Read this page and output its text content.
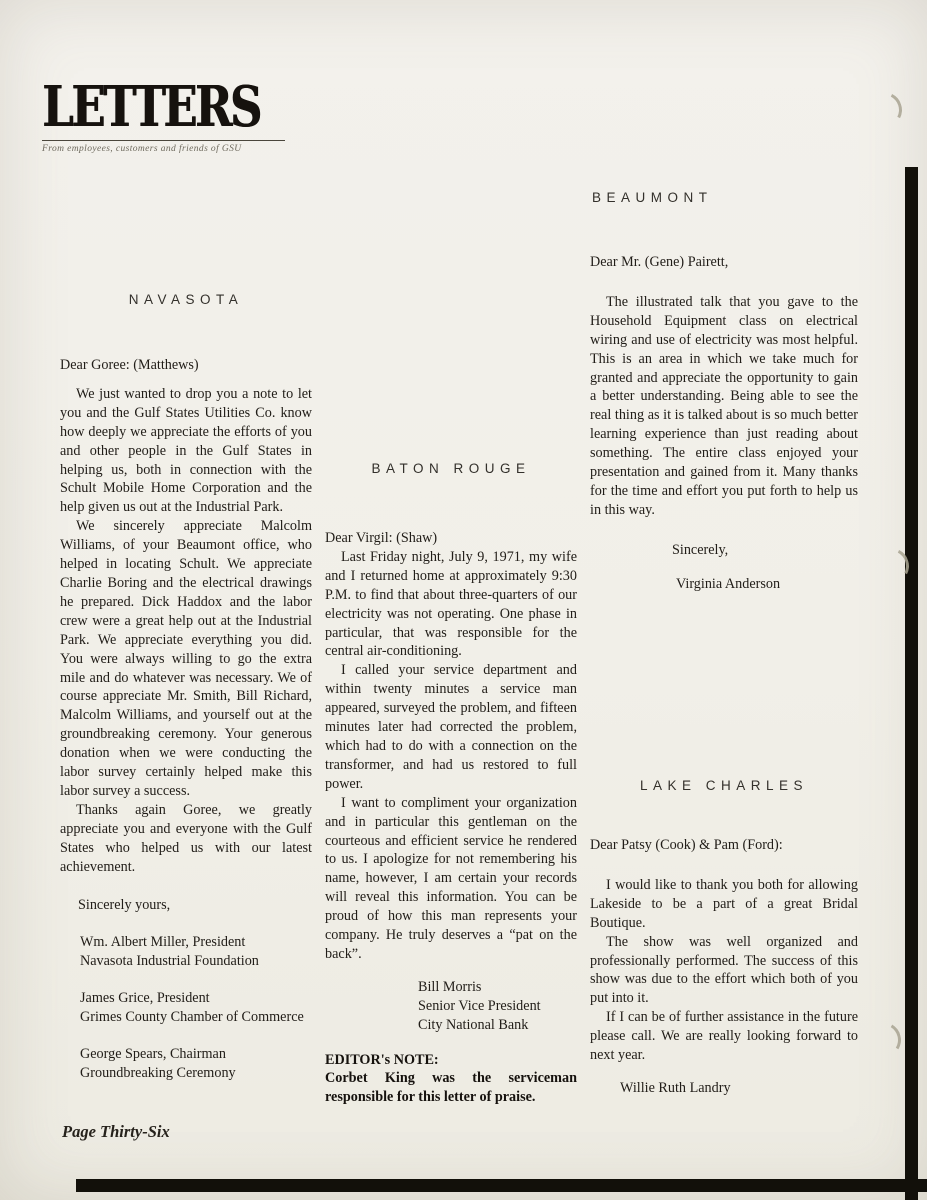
LETTERS
From employees, customers and friends of GSU
NAVASOTA
BATON ROUGE
BEAUMONT
LAKE CHARLES
Dear Goree: (Matthews)

We just wanted to drop you a note to let you and the Gulf States Utilities Co. know how deeply we appreciate the efforts of you and other people in the Gulf States in helping us, both in connection with the Schult Mobile Home Corporation and the help given us out at the Industrial Park.

We sincerely appreciate Malcolm Williams, of your Beaumont office, who helped in locating Schult. We appreciate Charlie Boring and the electrical drawings he prepared. Dick Haddox and the labor crew were a great help out at the Industrial Park. We appreciate everything you did. You were always willing to go the extra mile and do whatever was necessary. We of course appreciate Mr. Smith, Bill Richard, Malcolm Williams, and yourself out at the groundbreaking ceremony. Your generous donation when we were conducting the labor survey certainly helped make this labor survey a success.

Thanks again Goree, we greatly appreciate you and everyone with the Gulf States who helped us with our latest achievement.

Sincerely yours,
Wm. Albert Miller, President
Navasota Industrial Foundation
James Grice, President
Grimes County Chamber of Commerce
George Spears, Chairman
Groundbreaking Ceremony
Dear Virgil: (Shaw)

Last Friday night, July 9, 1971, my wife and I returned home at approximately 9:30 P.M. to find that about three-quarters of our electricity was not operating. One phase in particular, that was responsible for the central air-conditioning.

I called your service department and within twenty minutes a service man appeared, surveyed the problem, and fifteen minutes later had corrected the problem, which had to do with a connection on the transformer, and had us restored to full power.

I want to compliment your organization and in particular this gentleman on the courteous and efficient service he rendered to us. I apologize for not remembering his name, however, I am certain your records will reveal this information. You can be proud of how this man represents your company. He truly deserves a “pat on the back”.

Bill Morris
Senior Vice President
City National Bank
EDITOR's NOTE:
Corbet King was the serviceman responsible for this letter of praise.
Dear Mr. (Gene) Pairett,

The illustrated talk that you gave to the Household Equipment class on electrical wiring and use of electricity was most helpful. This is an area in which we take much for granted and appreciate the opportunity to gain a better understanding. Being able to see the real thing as it is talked about is so much better learning experience than just reading about something. The entire class enjoyed your presentation and gained from it. Many thanks for the time and effort you put forth to help us in this way.

Sincerely,
Virginia Anderson
Dear Patsy (Cook) & Pam (Ford):

I would like to thank you both for allowing Lakeside to be a part of a great Bridal Boutique.

The show was well organized and professionally performed. The success of this show was due to the effort which both of you put into it.

If I can be of further assistance in the future please call. We are really looking forward to next year.

Willie Ruth Landry
Page Thirty-Six
